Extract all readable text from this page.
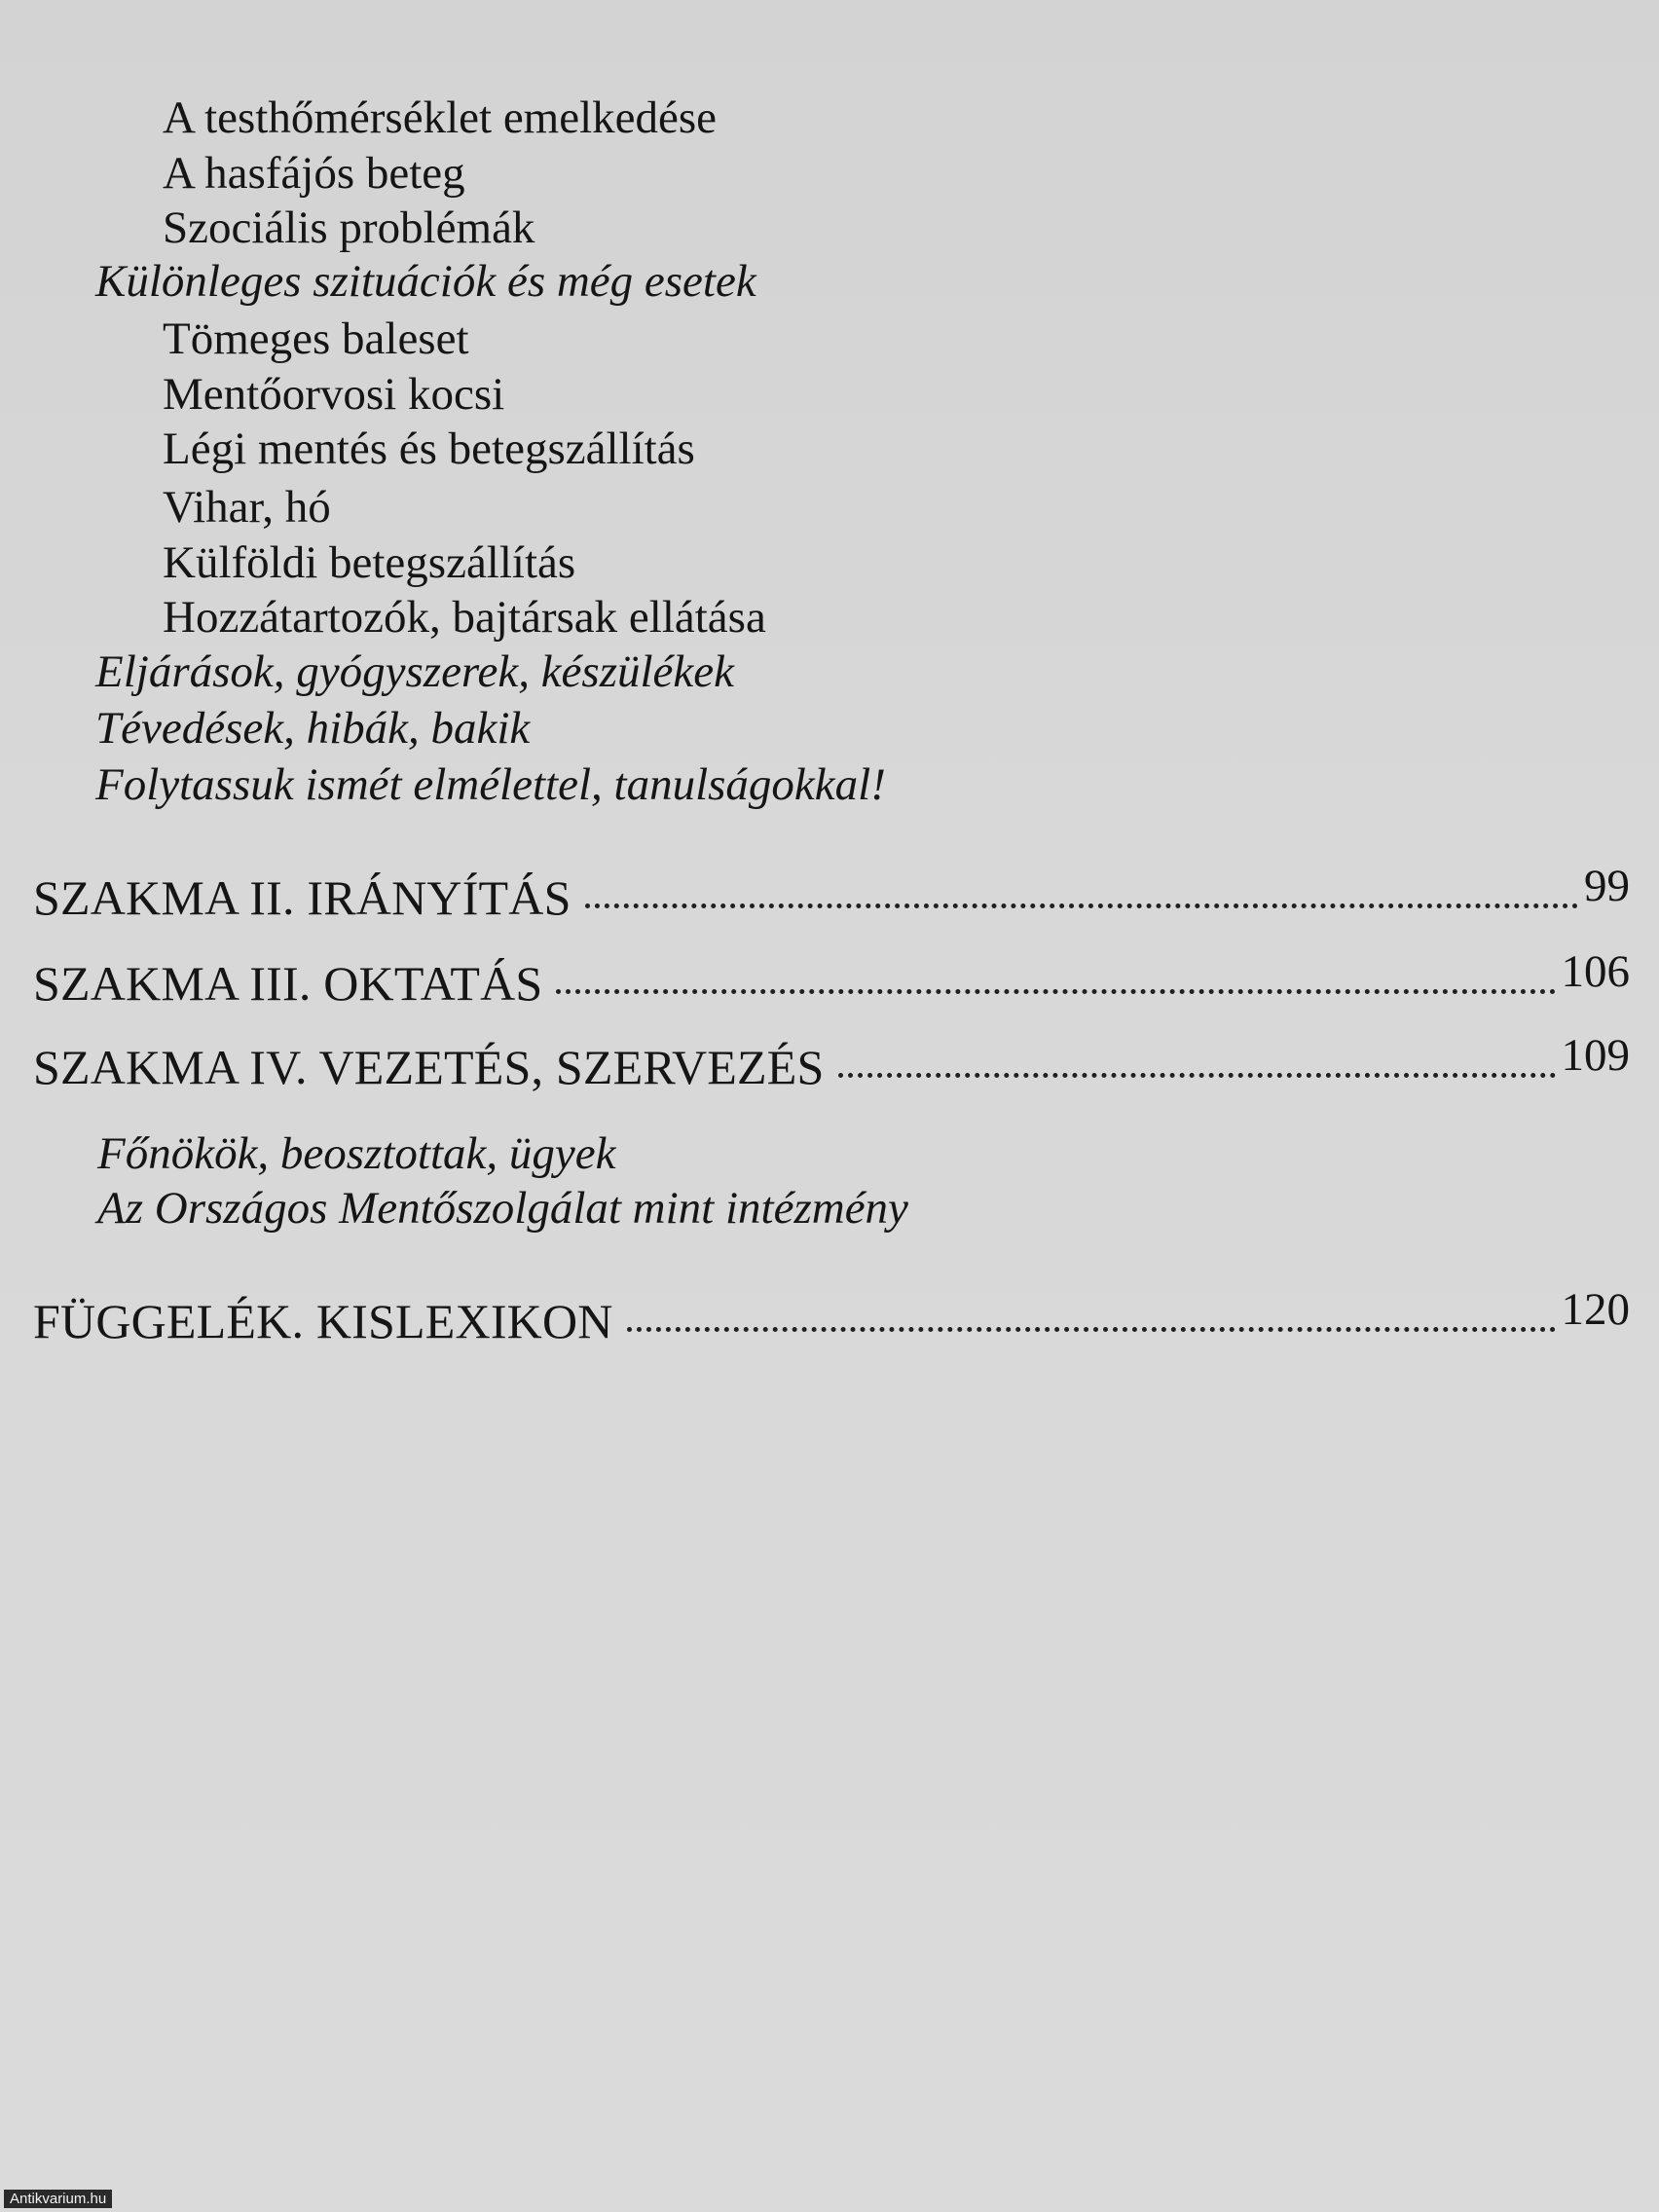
A testhőmérséklet emelkedése
A hasfájós beteg
Szociális problémák
Különleges szituációk és még esetek
Tömeges baleset
Mentőorvosi kocsi
Légi mentés és betegszállítás
Vihar, hó
Külföldi betegszállítás
Hozzátartozók, bajtársak ellátása
Eljárások, gyógyszerek, készülékek
Tévedések, hibák, bakik
Folytassuk ismét elmélettel, tanulságokkal!
SZAKMA II. IRÁNYÍTÁS	99
SZAKMA III. OKTATÁS	106
SZAKMA IV. VEZETÉS, SZERVEZÉS	109
Főnökök, beosztottak, ügyek
Az Országos Mentőszolgálat mint intézmény
FÜGGELÉK. KISLEXIKON	120
Antikvarium.hu
